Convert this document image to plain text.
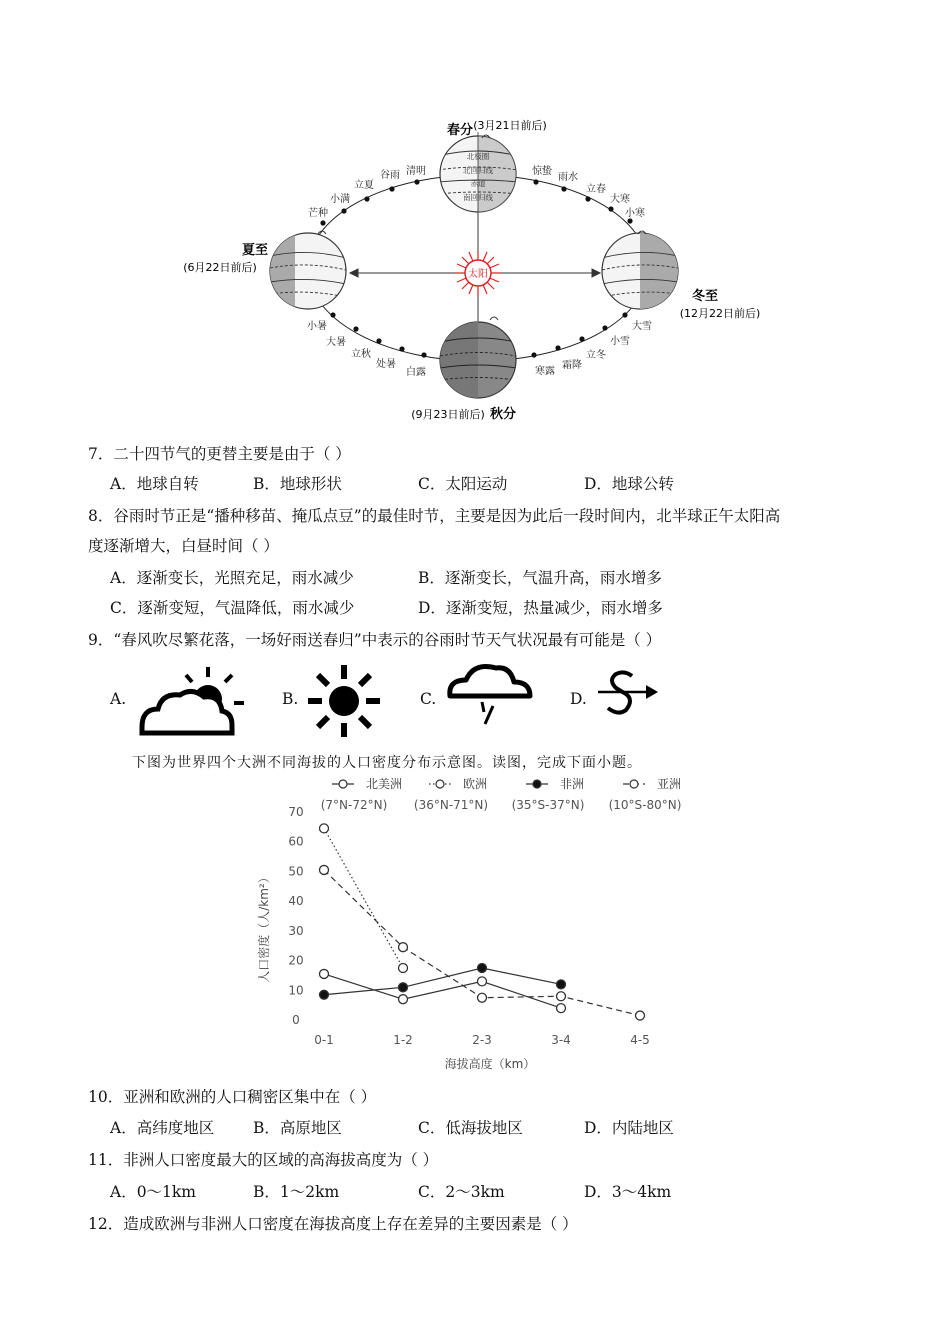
太阳
北极圈
北回归线
赤道
南回归线
春分 (3月21日前后)
夏至
(6月22日前后)
冬至
(12月22日前后)
秋分
(9月23日前后)
芒种
小满
立夏
谷雨 清明	惊蛰
雨水
立春
大寒
小寒
小暑
大暑
立秋
处暑
白露
大雪
小雪
立冬
霜降
寒露
7．二十四节气的更替主要是由于（ ）
A．地球自转	B．地球形状	C．太阳运动	D．地球公转
8．谷雨时节正是“播种移苗、掩瓜点豆”的最佳时节，主要是因为此后一段时间内，北半球正午太阳高
度逐渐增大，白昼时间（ ）
A．逐渐变长，光照充足，雨水减少	B．逐渐变长，气温升高，雨水增多
C．逐渐变短，气温降低，雨水减少	D．逐渐变短，热量减少，雨水增多
9．“春风吹尽繁花落，一场好雨送春归”中表示的谷雨时节天气状况最有可能是（ ）
A.	B.	C.	D.
下图为世界四个大洲不同海拔的人口密度分布示意图。读图，完成下面小题。
北美洲
(7°N-72°N)
欧洲
(36°N-71°N)
非洲
(35°S-37°N)
亚洲
(10°S-80°N)
0
10
20
30
40
50
60
70
0-1	1-2	2-3	3-4	4-5
人口密度（人/km²）
海拔高度（km）
10．亚洲和欧洲的人口稠密区集中在（ ）
A．高纬度地区	B．高原地区	C．低海拔地区	D．内陆地区
11．非洲人口密度最大的区域的高海拔高度为（ ）
A．0～1km	B．1～2km	C．2～3km	D．3～4km
12．造成欧洲与非洲人口密度在海拔高度上存在差异的主要因素是（ ）
